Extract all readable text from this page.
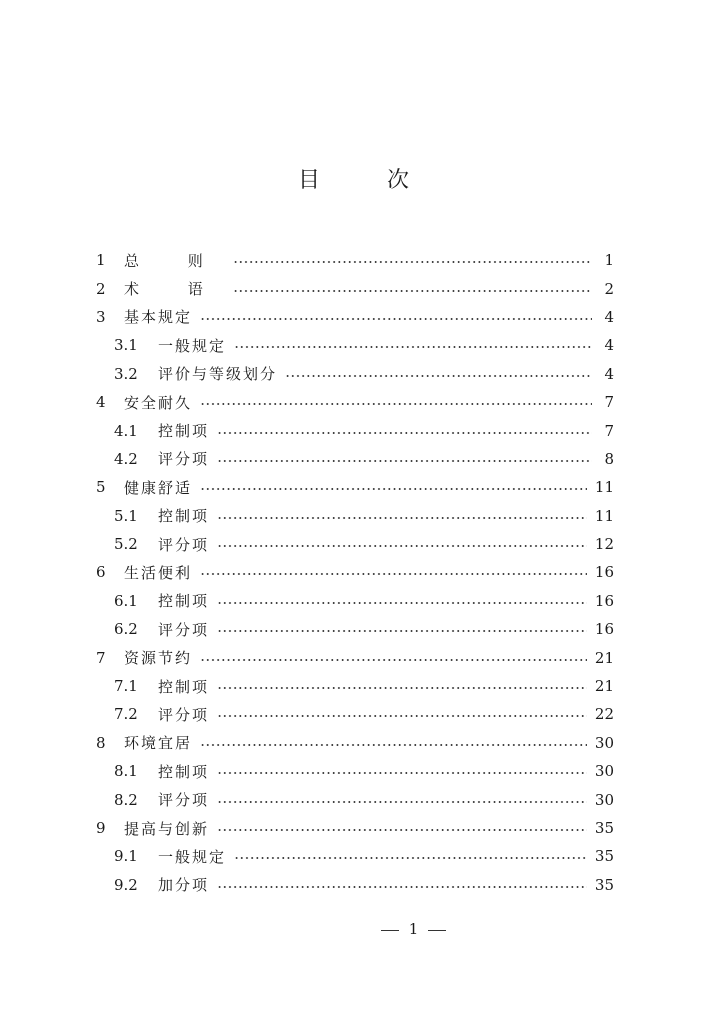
目 次
1	总 则	1
2	术 语	2
3	基本规定	4
3.1	一般规定	4
3.2	评价与等级划分	4
4	安全耐久	7
4.1	控制项	7
4.2	评分项	8
5	健康舒适	11
5.1	控制项	11
5.2	评分项	12
6	生活便利	16
6.1	控制项	16
6.2	评分项	16
7	资源节约	21
7.1	控制项	21
7.2	评分项	22
8	环境宜居	30
8.1	控制项	30
8.2	评分项	30
9	提高与创新	35
9.1	一般规定	35
9.2	加分项	35
1
